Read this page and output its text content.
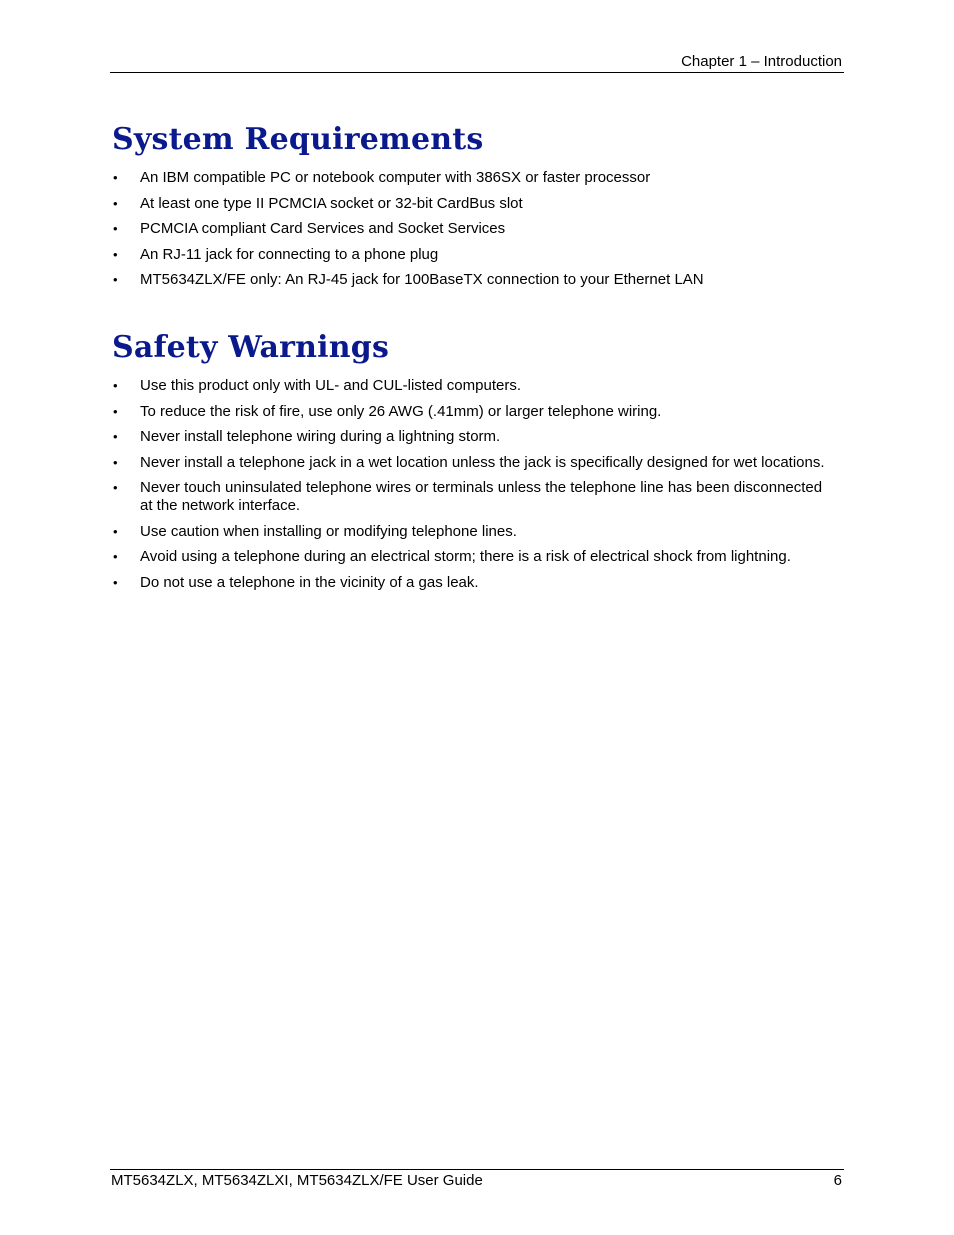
Chapter 1 – Introduction
System Requirements
• An IBM compatible PC or notebook computer with 386SX or faster processor
• At least one type II PCMCIA socket or 32-bit CardBus slot
• PCMCIA compliant Card Services and Socket Services
• An RJ-11 jack for connecting to a phone plug
• MT5634ZLX/FE only: An RJ-45 jack for 100BaseTX connection to your Ethernet LAN
Safety Warnings
• Use this product only with UL- and CUL-listed computers.
• To reduce the risk of fire, use only 26 AWG (.41mm) or larger telephone wiring.
• Never install telephone wiring during a lightning storm.
• Never install a telephone jack in a wet location unless the jack is specifically designed for wet locations.
• Never touch uninsulated telephone wires or terminals unless the telephone line has been disconnected at the network interface.
• Use caution when installing or modifying telephone lines.
• Avoid using a telephone during an electrical storm; there is a risk of electrical shock from lightning.
• Do not use a telephone in the vicinity of a gas leak.
MT5634ZLX, MT5634ZLXI, MT5634ZLX/FE User Guide	6
